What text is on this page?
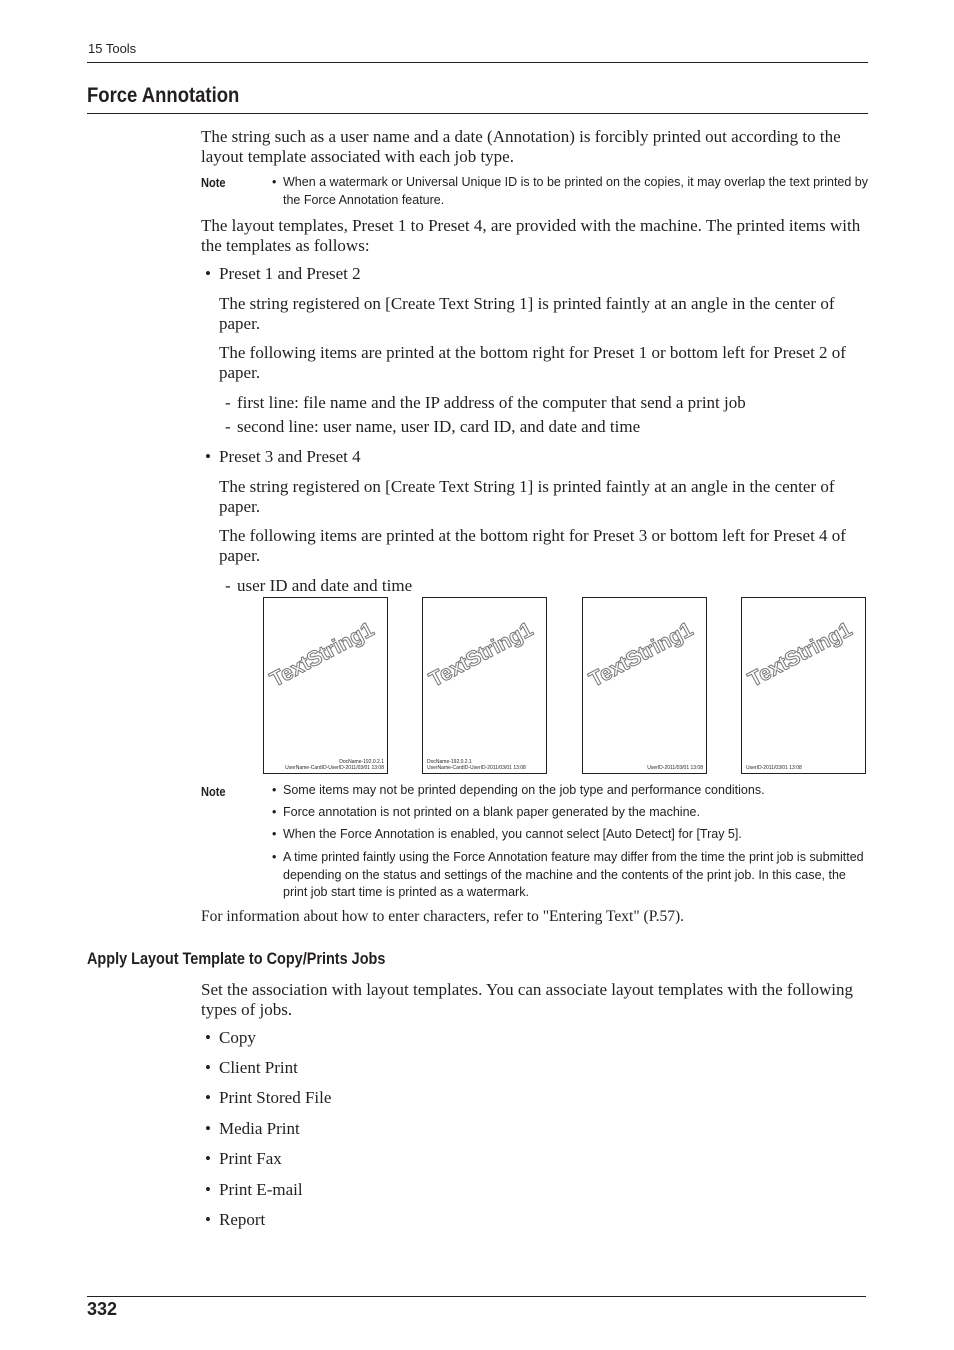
15 Tools
Force Annotation
The string such as a user name and a date (Annotation) is forcibly printed out according to the layout template associated with each job type.
Note	• When a watermark or Universal Unique ID is to be printed on the copies, it may overlap the text printed by the Force Annotation feature.
The layout templates, Preset 1 to Preset 4, are provided with the machine. The printed items with the templates as follows:
• Preset 1 and Preset 2
The string registered on [Create Text String 1] is printed faintly at an angle in the center of paper.
The following items are printed at the bottom right for Preset 1 or bottom left for Preset 2 of paper.
- first line: file name and the IP address of the computer that send a print job
- second line: user name, user ID, card ID, and date and time
• Preset 3 and Preset 4
The string registered on [Create Text String 1] is printed faintly at an angle in the center of paper.
The following items are printed at the bottom right for Preset 3 or bottom left for Preset 4 of paper.
- user ID and date and time
TextString1
DocName-192.0.2.1
UserName-CardID-UserID-2011/03/01 13:08
TextString1
DocName-192.0.2.1
UserName-CardID-UserID-2011/03/01 13:08
TextString1
UserID-2011/03/01 13:08
TextString1
UserID-2011/03/01 13:08
Note	• Some items may not be printed depending on the job type and performance conditions.
• Force annotation is not printed on a blank paper generated by the machine.
• When the Force Annotation is enabled, you cannot select [Auto Detect] for [Tray 5].
• A time printed faintly using the Force Annotation feature may differ from the time the print job is submitted depending on the status and settings of the machine and the contents of the print job. In this case, the print job start time is printed as a watermark.
For information about how to enter characters, refer to "Entering Text" (P.57).
Apply Layout Template to Copy/Prints Jobs
Set the association with layout templates. You can associate layout templates with the following types of jobs.
• Copy
• Client Print
• Print Stored File
• Media Print
• Print Fax
• Print E-mail
• Report
332
